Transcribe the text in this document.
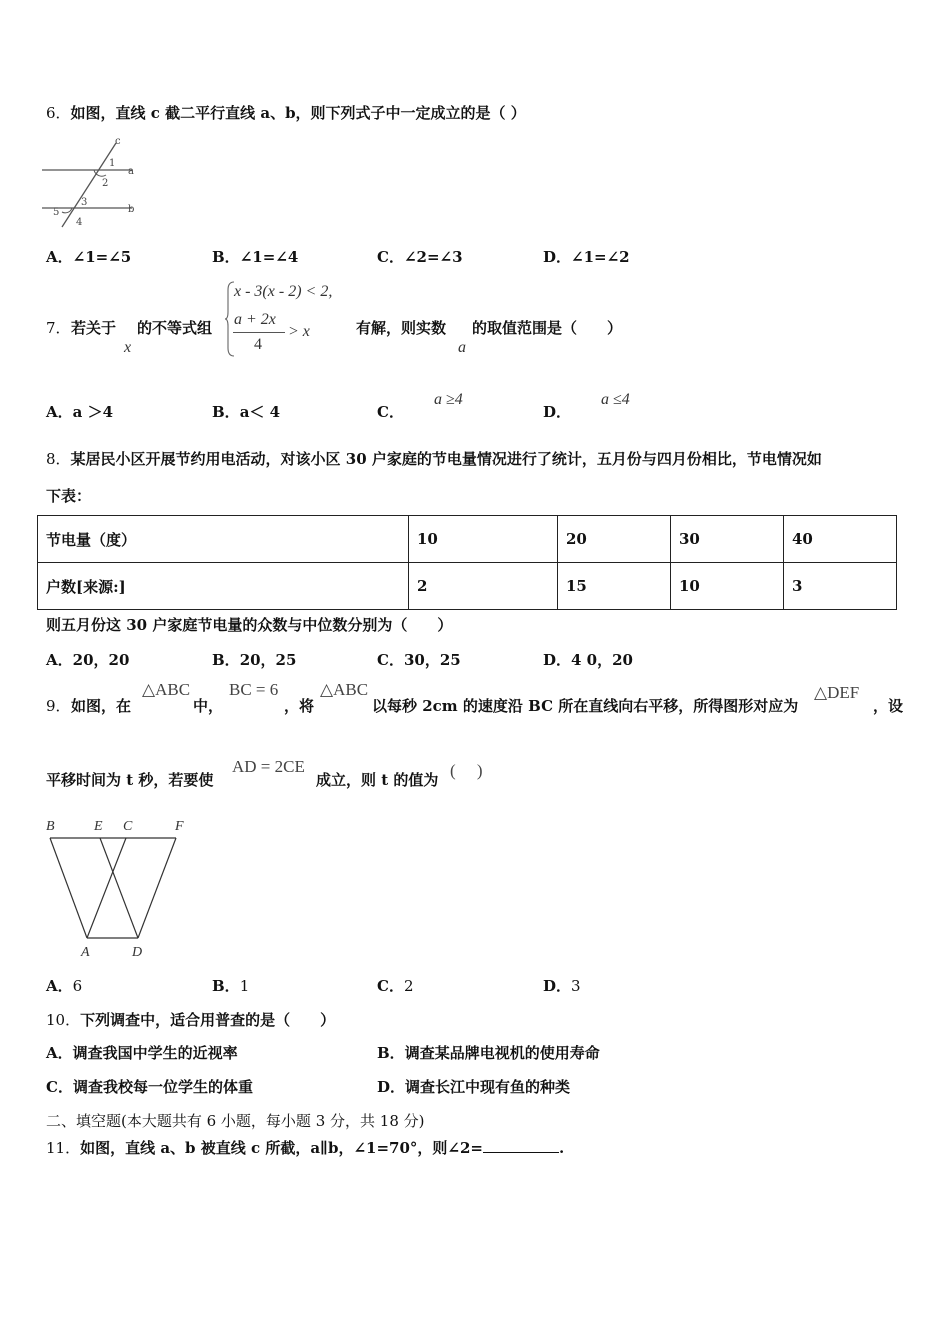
6．如图，直线 c 截二平行直线 a、b，则下列式子中一定成立的是（ ）
c
a
b
1
2
3
4
5
A．∠1=∠5	B．∠1=∠4	C．∠2=∠3	D．∠1=∠2
7． 若关于
x
的不等式组
x - 3(x - 2) < 2,
a + 2x
4
> x	有解，则实数
a
的取值范围是（　　）
A．a ＞4	B．a＜ 4	C．a ≥4
D．a ≤4
8．某居民小区开展节约用电活动，对该小区 30 户家庭的节电量情况进行了统计，五月份与四月份相比，节电情况如
下表：
节电量（度）	10	20	30	40
户数[来源:]	2	15	10	3
则五月份这 30 户家庭节电量的众数与中位数分别为（　　）
A．20，20	B．20，25	C．30，25	D．4 0，20
9． 如图，在
△ABC
中，
BC = 6
，将
△ABC
以每秒 2cm 的速度沿 BC 所在直线向右平移，所得图形对应为
△DEF
，设
平移时间为 t 秒，若要使
AD = 2CE
成立，则 t 的值为 (　 )
B	E C	F
A	D
A．6	B．1	C．2	D．3
10．下列调查中，适合用普查的是（　　）
A．调查我国中学生的近视率	B．调查某品牌电视机的使用寿命
C．调查我校每一位学生的体重	D．调查长江中现有鱼的种类
二、填空题(本大题共有 6 小题，每小题 3 分，共 18 分)
11．如图，直线 a、b 被直线 c 所截，a∥b，∠1=70°，则∠2=	.
